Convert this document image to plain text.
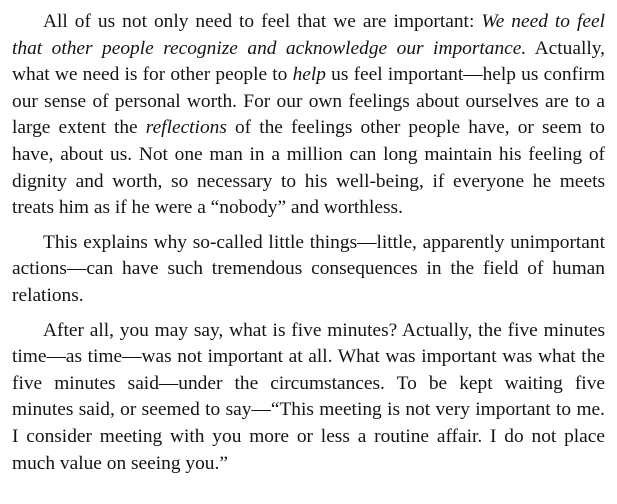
All of us not only need to feel that we are important: We need to feel that other people recognize and acknowledge our importance. Actually, what we need is for other people to help us feel important—help us confirm our sense of personal worth. For our own feelings about ourselves are to a large extent the reflections of the feelings other people have, or seem to have, about us. Not one man in a million can long maintain his feeling of dignity and worth, so necessary to his well-being, if everyone he meets treats him as if he were a “nobody” and worthless.

This explains why so-called little things—little, apparently unimportant actions—can have such tremendous consequences in the field of human relations.

After all, you may say, what is five minutes? Actually, the five minutes time—as time—was not important at all. What was important was what the five minutes said—under the circumstances. To be kept waiting five minutes said, or seemed to say—“This meeting is not very important to me. I consider meeting with you more or less a routine affair. I do not place much value on seeing you.”
